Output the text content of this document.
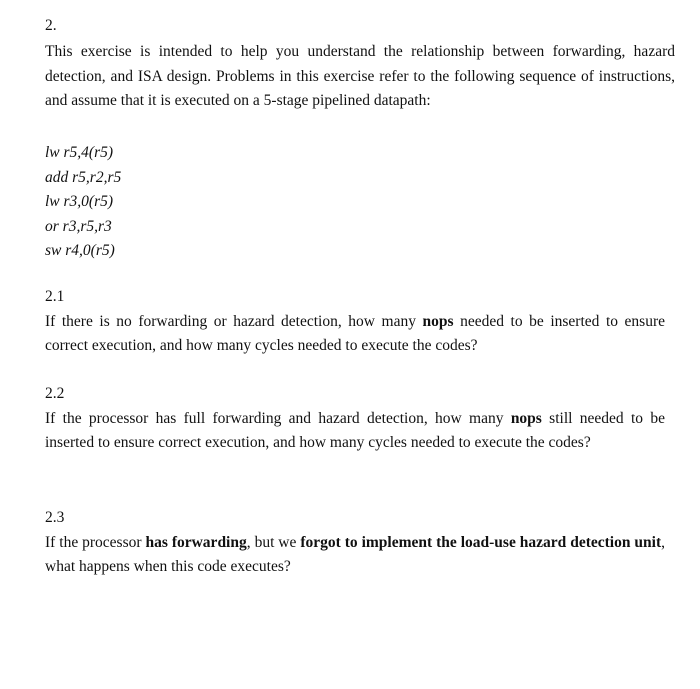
2.
This exercise is intended to help you understand the relationship between forwarding, hazard detection, and ISA design. Problems in this exercise refer to the following sequence of instructions, and assume that it is executed on a 5-stage pipelined datapath:
lw r5,4(r5)
add r5,r2,r5
lw r3,0(r5)
or r3,r5,r3
sw r4,0(r5)
2.1
If there is no forwarding or hazard detection, how many nops needed to be inserted to ensure correct execution, and how many cycles needed to execute the codes?
2.2
If the processor has full forwarding and hazard detection, how many nops still needed to be inserted to ensure correct execution, and how many cycles needed to execute the codes?
2.3
If the processor has forwarding, but we forgot to implement the load-use hazard detection unit, what happens when this code executes?
